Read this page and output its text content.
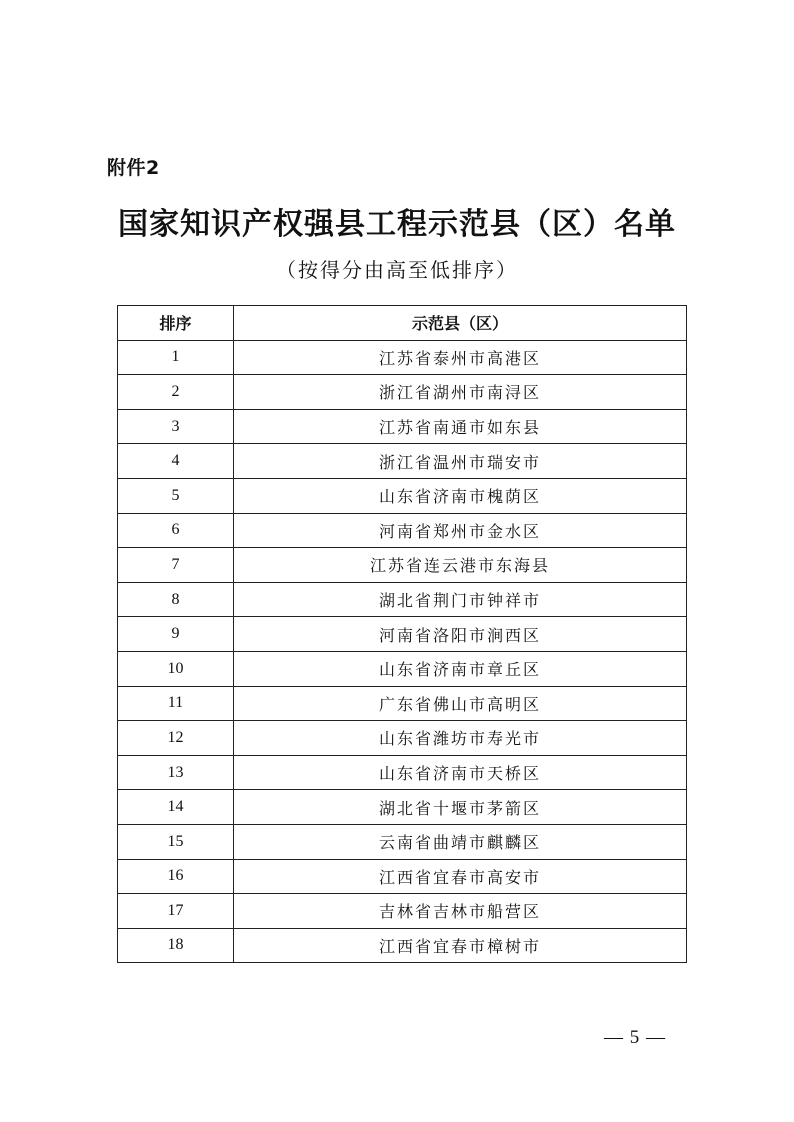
附件2
国家知识产权强县工程示范县（区）名单
（按得分由高至低排序）
排序	示范县（区）
1	江苏省泰州市高港区
2	浙江省湖州市南浔区
3	江苏省南通市如东县
4	浙江省温州市瑞安市
5	山东省济南市槐荫区
6	河南省郑州市金水区
7	江苏省连云港市东海县
8	湖北省荆门市钟祥市
9	河南省洛阳市涧西区
10	山东省济南市章丘区
11	广东省佛山市高明区
12	山东省潍坊市寿光市
13	山东省济南市天桥区
14	湖北省十堰市茅箭区
15	云南省曲靖市麒麟区
16	江西省宜春市高安市
17	吉林省吉林市船营区
18	江西省宜春市樟树市
— 5 —
